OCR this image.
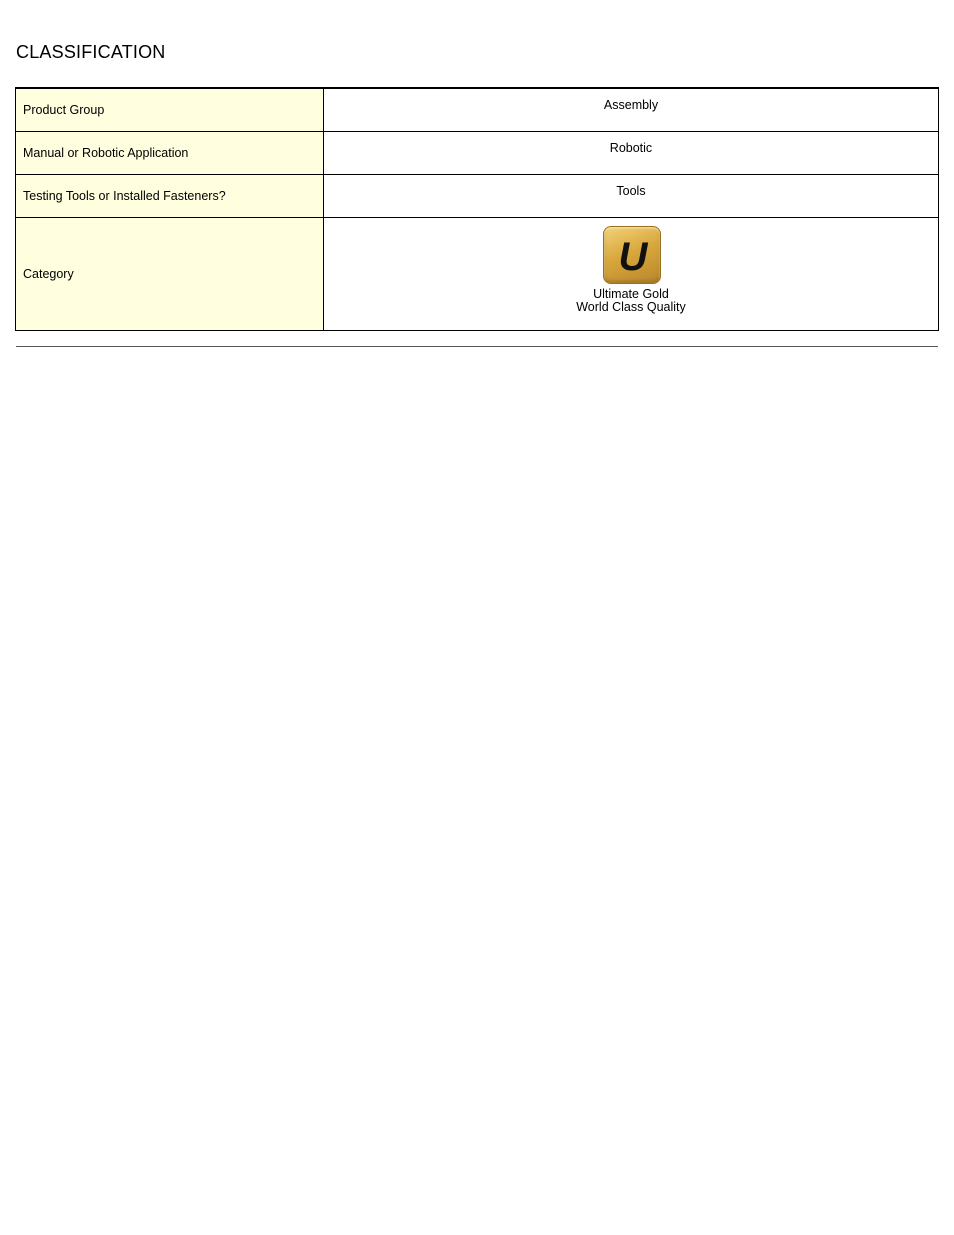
CLASSIFICATION
Product Group	Assembly
Manual or Robotic Application	Robotic
Testing Tools or Installed Fasteners?	Tools
Category	U
Ultimate Gold
World Class Quality
